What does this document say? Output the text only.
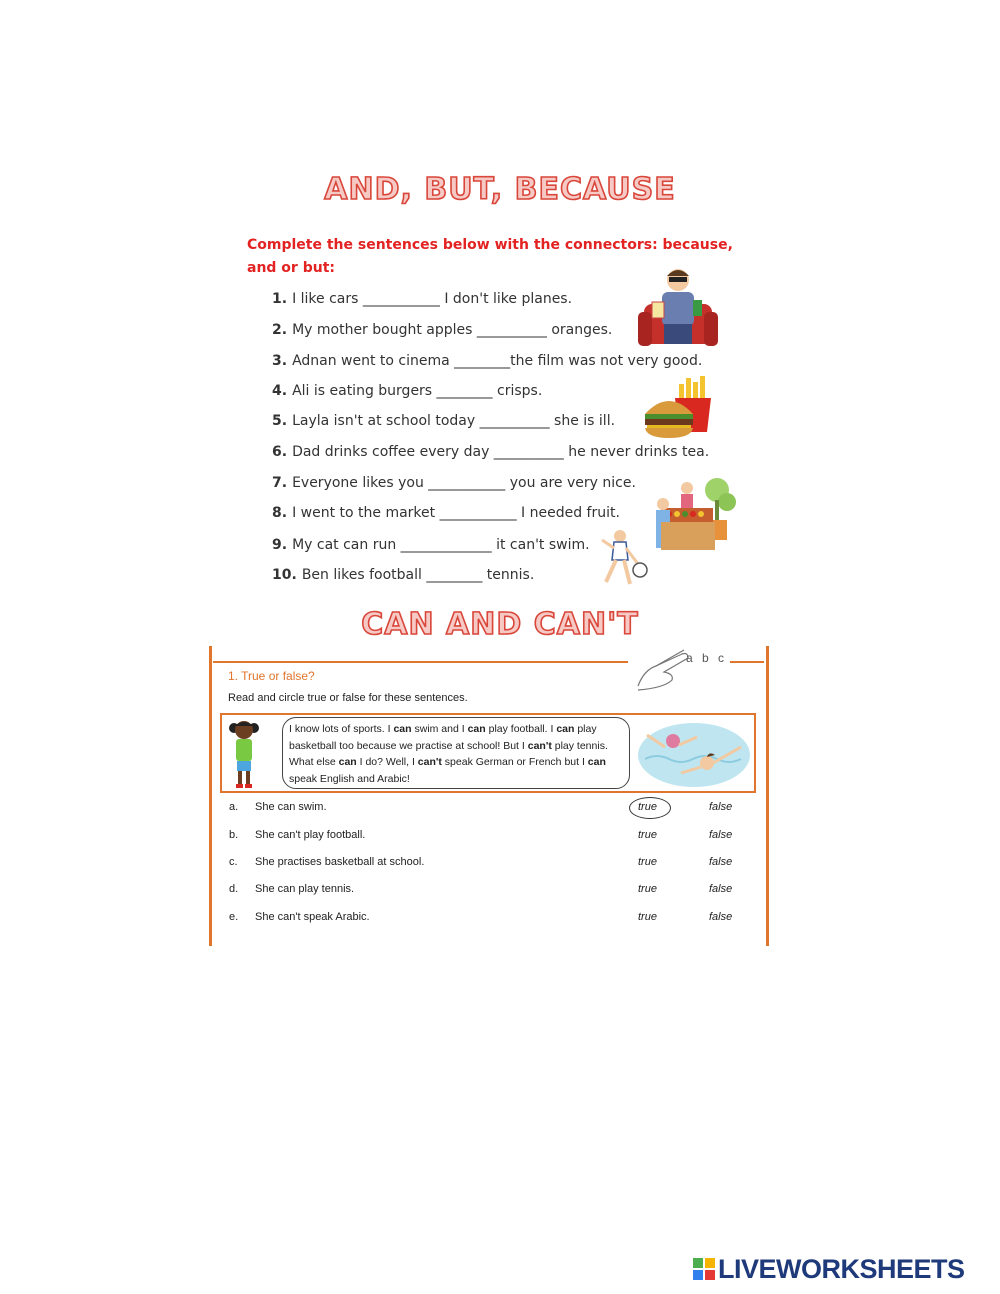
AND, BUT, BECAUSE
Complete the sentences below with the connectors: because, and or but:
1. I like cars ___________ I don't like planes.
2. My mother bought apples __________ oranges.
3. Adnan went to cinema ________the film was not very good.
4. Ali is eating burgers ________ crisps.
5. Layla isn't at school today __________ she is ill.
6. Dad drinks coffee every day __________ he never drinks tea.
7. Everyone likes you ___________ you are very nice.
8. I went to the market ___________ I needed fruit.
9. My cat can run _____________ it can't swim.
10. Ben likes football ________ tennis.
CAN AND CAN'T
a b c
1. True or false?
Read and circle true or false for these sentences.
I know lots of sports. I can swim and I can play football. I can play basketball too because we practise at school! But I can't play tennis. What else can I do? Well, I can't speak German or French but I can speak English and Arabic!
a. She can swim.	true	false
b. She can't play football.	true	false
c. She practises basketball at school.	true	false
d. She can play tennis.	true	false
e. She can't speak Arabic.	true	false
LIVEWORKSHEETS
